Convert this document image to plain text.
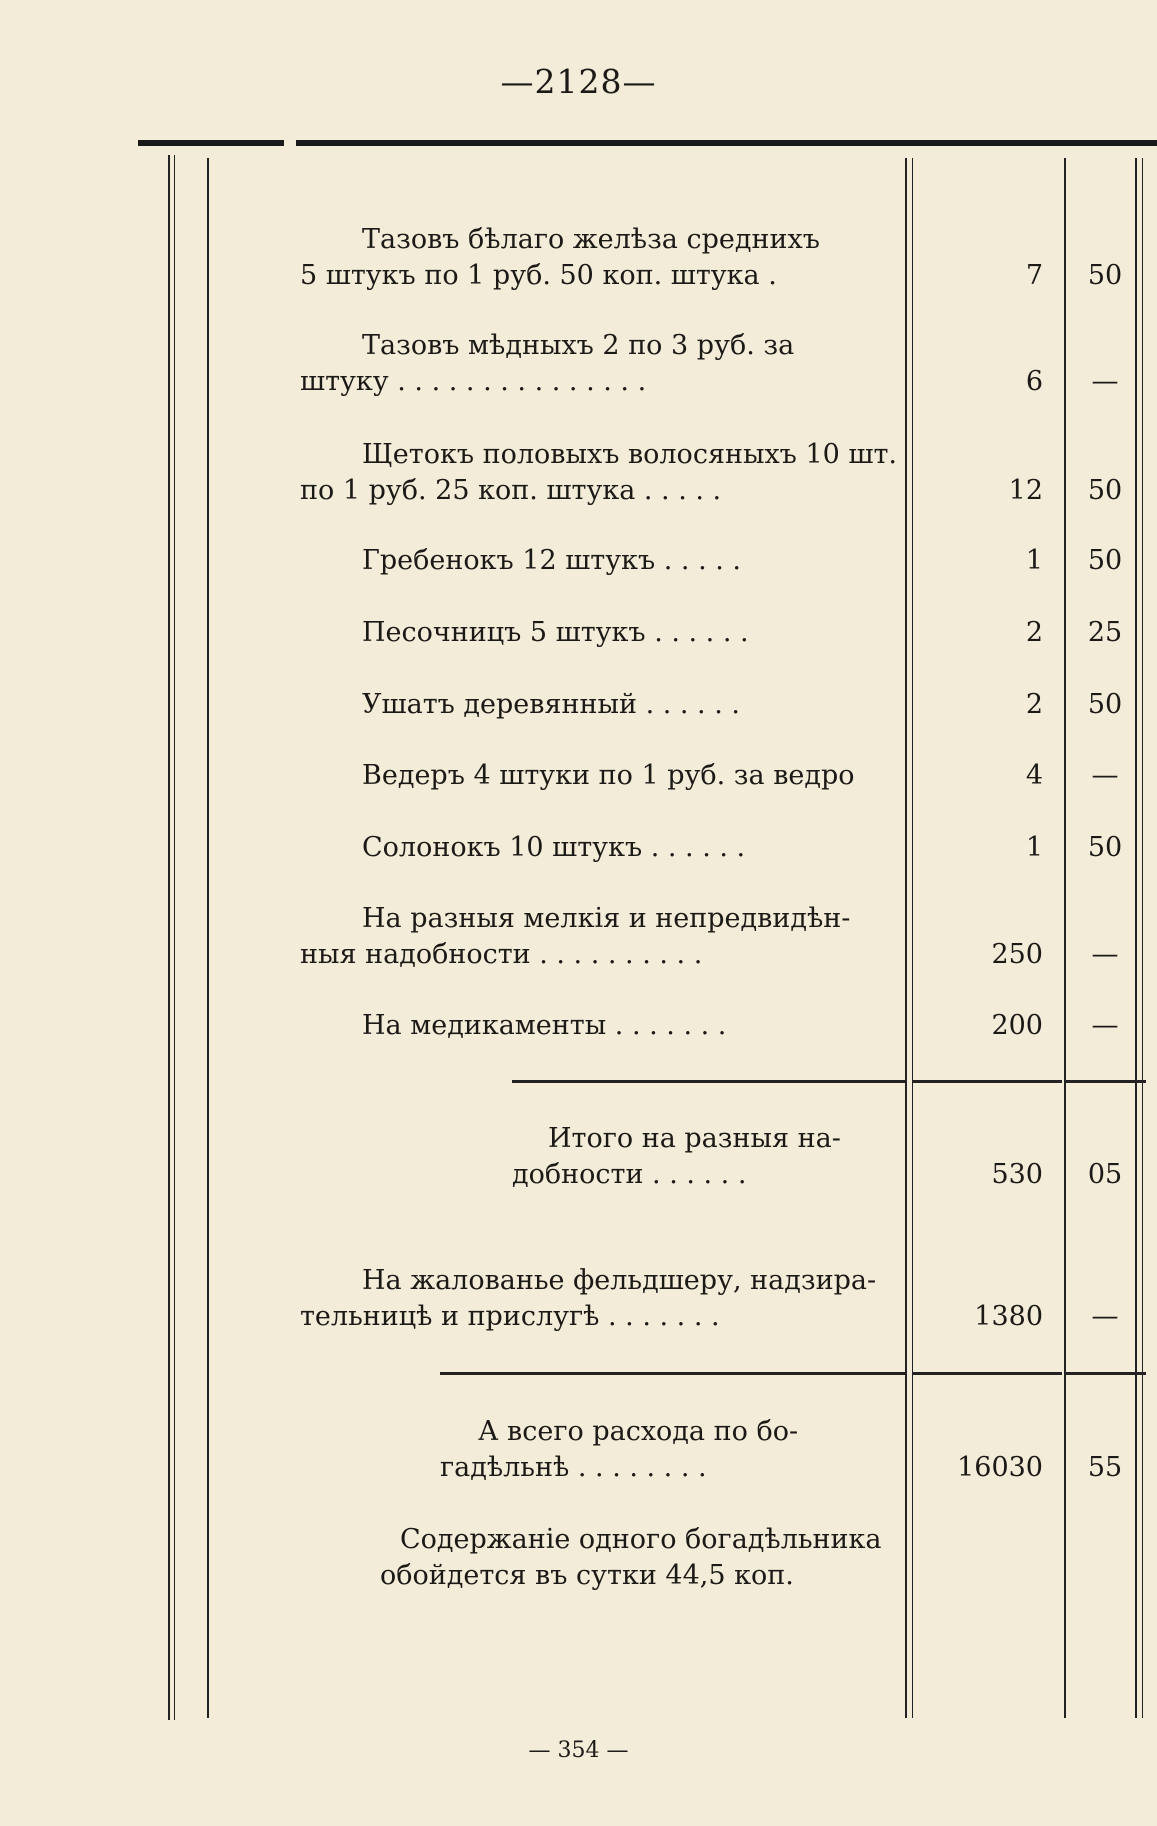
—2128—
Тазовъ бѣлаго желѣза среднихъ
5 штукъ по 1 руб. 50 коп. штука .	7	50
Тазовъ мѣдныхъ 2 по 3 руб. за
штуку . . . . . . . . . . . . . . .	6	—
Щетокъ половыхъ волосяныхъ 10 шт.
по 1 руб. 25 коп. штука . . . . .	12	50
Гребенокъ 12 штукъ . . . . .	1	50
Песочницъ 5 штукъ . . . . . .	2	25
Ушатъ деревянный . . . . . .	2	50
Ведеръ 4 штуки по 1 руб. за ведро	4	—
Солонокъ 10 штукъ . . . . . .	1	50
На разныя мелкія и непредвидѣн-
ныя надобности . . . . . . . . . .	250	—
На медикаменты . . . . . . .	200	—
Итого на разныя на-
добности . . . . . .	530	05
На жалованье фельдшеру, надзира-
тельницѣ и прислугѣ . . . . . . .	1380	—
А всего расхода по бо-
гадѣльнѣ . . . . . . . .	16030	55
Содержаніе одного богадѣльника
обойдется въ сутки 44,5 коп.
— 354 —
